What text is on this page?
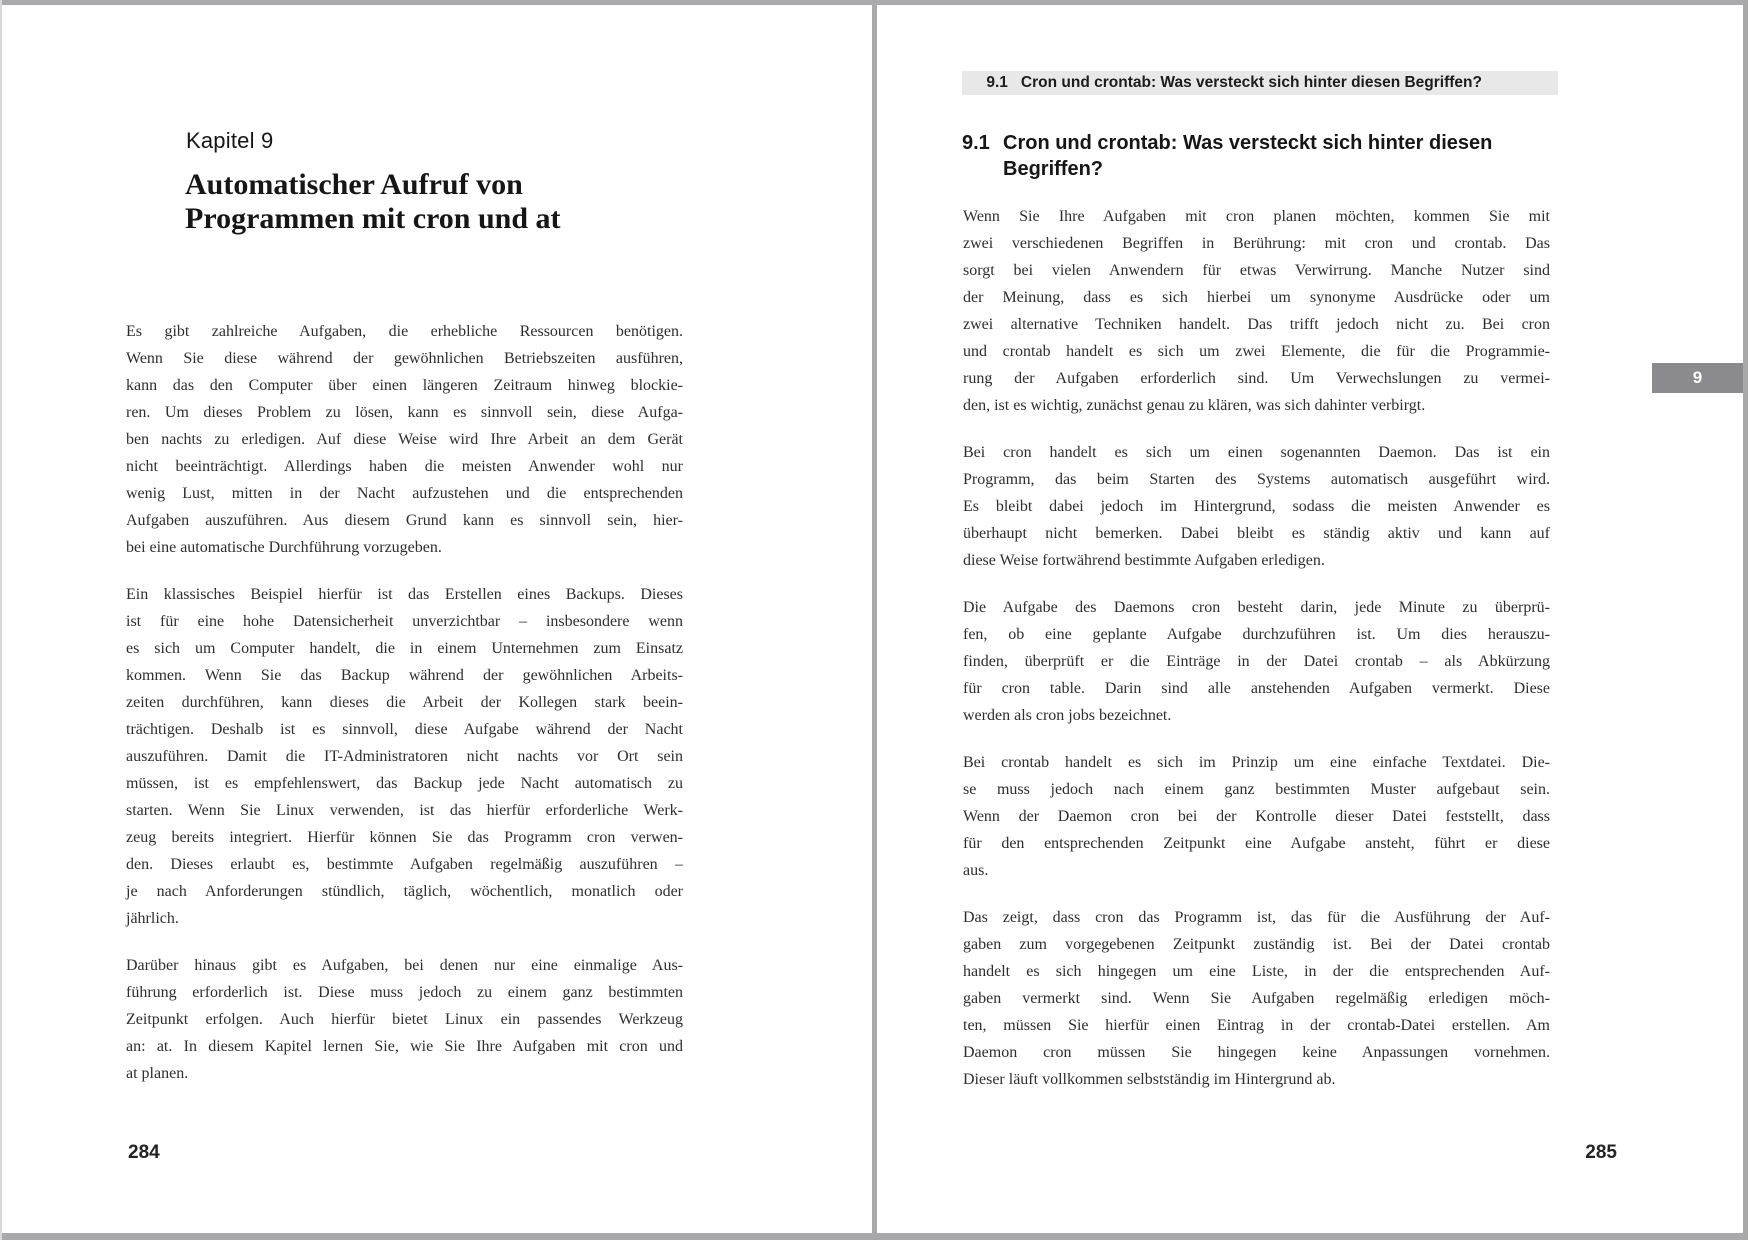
Kapitel 9
Automatischer Aufruf von
Programmen mit cron und at
Es gibt zahlreiche Aufgaben, die erhebliche Ressourcen benötigen.
Wenn Sie diese während der gewöhnlichen Betriebszeiten ausführen,
kann das den Computer über einen längeren Zeitraum hinweg blockie-
ren. Um dieses Problem zu lösen, kann es sinnvoll sein, diese Aufga-
ben nachts zu erledigen. Auf diese Weise wird Ihre Arbeit an dem Gerät
nicht beeinträchtigt. Allerdings haben die meisten Anwender wohl nur
wenig Lust, mitten in der Nacht aufzustehen und die entsprechenden
Aufgaben auszuführen. Aus diesem Grund kann es sinnvoll sein, hier-
bei eine automatische Durchführung vorzugeben.
Ein klassisches Beispiel hierfür ist das Erstellen eines Backups. Dieses
ist für eine hohe Datensicherheit unverzichtbar – insbesondere wenn
es sich um Computer handelt, die in einem Unternehmen zum Einsatz
kommen. Wenn Sie das Backup während der gewöhnlichen Arbeits-
zeiten durchführen, kann dieses die Arbeit der Kollegen stark beein-
trächtigen. Deshalb ist es sinnvoll, diese Aufgabe während der Nacht
auszuführen. Damit die IT-Administratoren nicht nachts vor Ort sein
müssen, ist es empfehlenswert, das Backup jede Nacht automatisch zu
starten. Wenn Sie Linux verwenden, ist das hierfür erforderliche Werk-
zeug bereits integriert. Hierfür können Sie das Programm cron verwen-
den. Dieses erlaubt es, bestimmte Aufgaben regelmäßig auszuführen –
je nach Anforderungen stündlich, täglich, wöchentlich, monatlich oder
jährlich.
Darüber hinaus gibt es Aufgaben, bei denen nur eine einmalige Aus-
führung erforderlich ist. Diese muss jedoch zu einem ganz bestimmten
Zeitpunkt erfolgen. Auch hierfür bietet Linux ein passendes Werkzeug
an: at. In diesem Kapitel lernen Sie, wie Sie Ihre Aufgaben mit cron und
at planen.
284
9.1 Cron und crontab: Was versteckt sich hinter diesen Begriffen?
9.1 Cron und crontab: Was versteckt sich hinter diesen
Begriffen?
Wenn Sie Ihre Aufgaben mit cron planen möchten, kommen Sie mit
zwei verschiedenen Begriffen in Berührung: mit cron und crontab. Das
sorgt bei vielen Anwendern für etwas Verwirrung. Manche Nutzer sind
der Meinung, dass es sich hierbei um synonyme Ausdrücke oder um
zwei alternative Techniken handelt. Das trifft jedoch nicht zu. Bei cron
und crontab handelt es sich um zwei Elemente, die für die Programmie-
rung der Aufgaben erforderlich sind. Um Verwechslungen zu vermei-
den, ist es wichtig, zunächst genau zu klären, was sich dahinter verbirgt.
Bei cron handelt es sich um einen sogenannten Daemon. Das ist ein
Programm, das beim Starten des Systems automatisch ausgeführt wird.
Es bleibt dabei jedoch im Hintergrund, sodass die meisten Anwender es
überhaupt nicht bemerken. Dabei bleibt es ständig aktiv und kann auf
diese Weise fortwährend bestimmte Aufgaben erledigen.
Die Aufgabe des Daemons cron besteht darin, jede Minute zu überprü-
fen, ob eine geplante Aufgabe durchzuführen ist. Um dies herauszu-
finden, überprüft er die Einträge in der Datei crontab – als Abkürzung
für cron table. Darin sind alle anstehenden Aufgaben vermerkt. Diese
werden als cron jobs bezeichnet.
Bei crontab handelt es sich im Prinzip um eine einfache Textdatei. Die-
se muss jedoch nach einem ganz bestimmten Muster aufgebaut sein.
Wenn der Daemon cron bei der Kontrolle dieser Datei feststellt, dass
für den entsprechenden Zeitpunkt eine Aufgabe ansteht, führt er diese
aus.
Das zeigt, dass cron das Programm ist, das für die Ausführung der Auf-
gaben zum vorgegebenen Zeitpunkt zuständig ist. Bei der Datei crontab
handelt es sich hingegen um eine Liste, in der die entsprechenden Auf-
gaben vermerkt sind. Wenn Sie Aufgaben regelmäßig erledigen möch-
ten, müssen Sie hierfür einen Eintrag in der crontab-Datei erstellen. Am
Daemon cron müssen Sie hingegen keine Anpassungen vornehmen.
Dieser läuft vollkommen selbstständig im Hintergrund ab.
285
9
